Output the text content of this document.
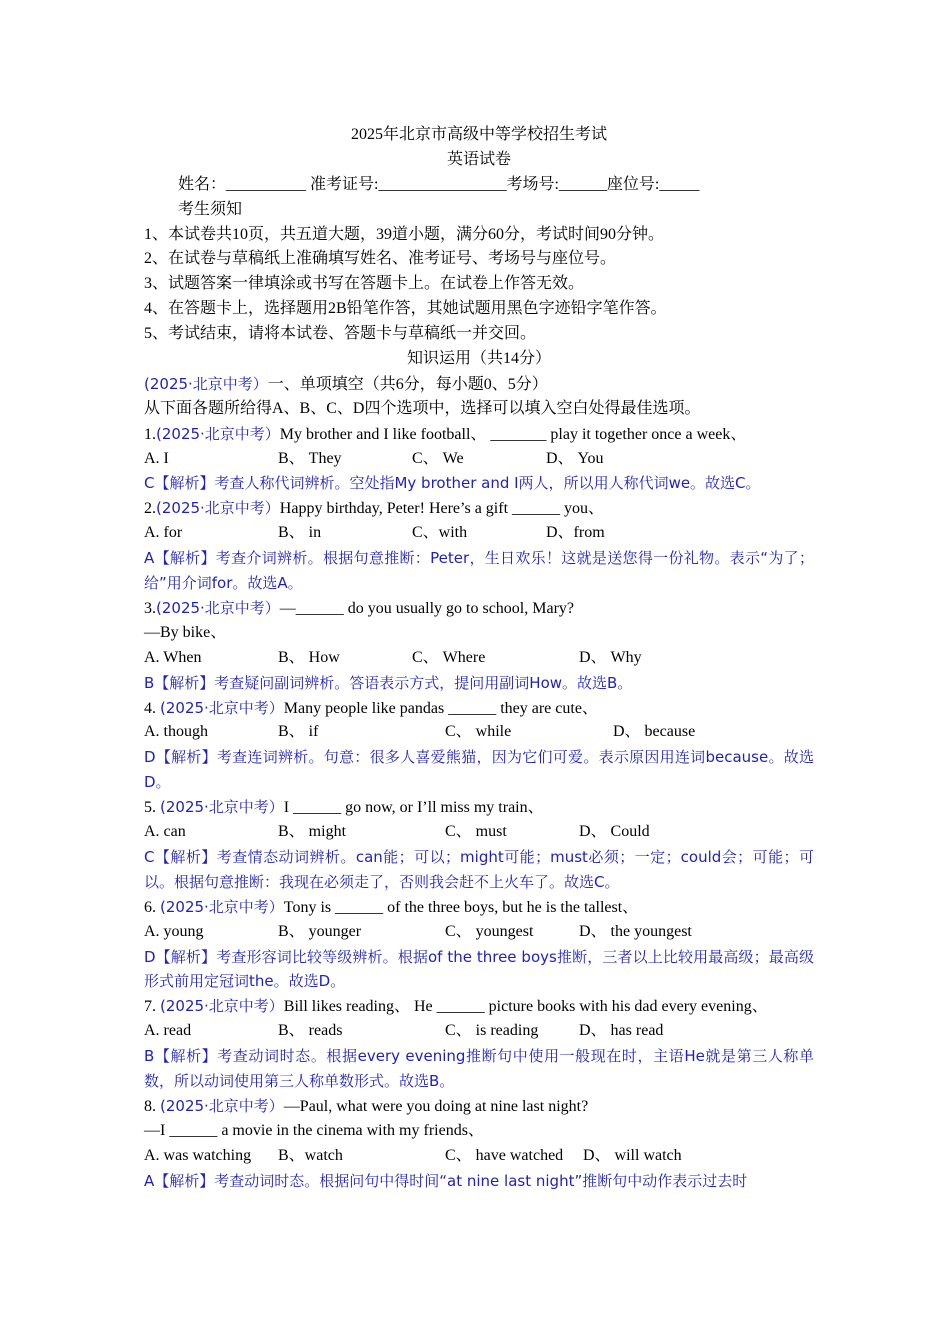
2025年北京市高级中等学校招生考试
英语试卷
姓名：__________ 准考证号:________________考场号:______座位号:_____
考生须知
1、本试卷共10页，共五道大题，39道小题，满分60分，考试时间90分钟。
2、在试卷与草稿纸上准确填写姓名、准考证号、考场号与座位号。
3、试题答案一律填涂或书写在答题卡上。在试卷上作答无效。
4、在答题卡上，选择题用2B铅笔作答，其她试题用黑色字迹铅字笔作答。
5、考试结束，请将本试卷、答题卡与草稿纸一并交回。
知识运用（共14分）
(2025·北京中考）一、单项填空（共6分，每小题0、5分）
从下面各题所给得A、B、C、D四个选项中，选择可以填入空白处得最佳选项。
1.(2025·北京中考）My brother and I like football、 _______ play it together once a week、
A. I	B、 They	C、 We	D、 You
C【解析】考查人称代词辨析。空处指My brother and I两人，所以用人称代词we。故选C。
2.(2025·北京中考）Happy birthday, Peter! Here’s a gift ______ you、
A. for	B、 in	C、with	D、from
A【解析】考查介词辨析。根据句意推断：Peter，生日欢乐！这就是送您得一份礼物。表示“为了；给”用介词for。故选A。
3.(2025·北京中考）—______ do you usually go to school, Mary?
—By bike、
A. When	B、 How	C、 Where	D、 Why
B【解析】考查疑问副词辨析。答语表示方式，提问用副词How。故选B。
4. (2025·北京中考）Many people like pandas ______ they are cute、
A. though	B、 if	C、 while	D、 because
D【解析】考查连词辨析。句意：很多人喜爱熊猫，因为它们可爱。表示原因用连词because。故选D。
5. (2025·北京中考）I ______ go now, or I’ll miss my train、
A. can	B、 might	C、 must	D、 Could
C【解析】考查情态动词辨析。can能；可以；might可能；must必须；一定；could会；可能；可以。根据句意推断：我现在必须走了，否则我会赶不上火车了。故选C。
6. (2025·北京中考）Tony is ______ of the three boys, but he is the tallest、
A. young	B、 younger	C、 youngest	D、 the youngest
D【解析】考查形容词比较等级辨析。根据of the three boys推断，三者以上比较用最高级；最高级形式前用定冠词the。故选D。
7. (2025·北京中考）Bill likes reading、 He ______ picture books with his dad every evening、
A. read	B、 reads	C、 is reading	D、 has read
B【解析】考查动词时态。根据every evening推断句中使用一般现在时，主语He就是第三人称单数，所以动词使用第三人称单数形式。故选B。
8. (2025·北京中考）—Paul, what were you doing at nine last night?
—I ______ a movie in the cinema with my friends、
A. was watching B、watch	C、 have watched D、 will watch
A【解析】考查动词时态。根据问句中得时间“at nine last night”推断句中动作表示过去时
